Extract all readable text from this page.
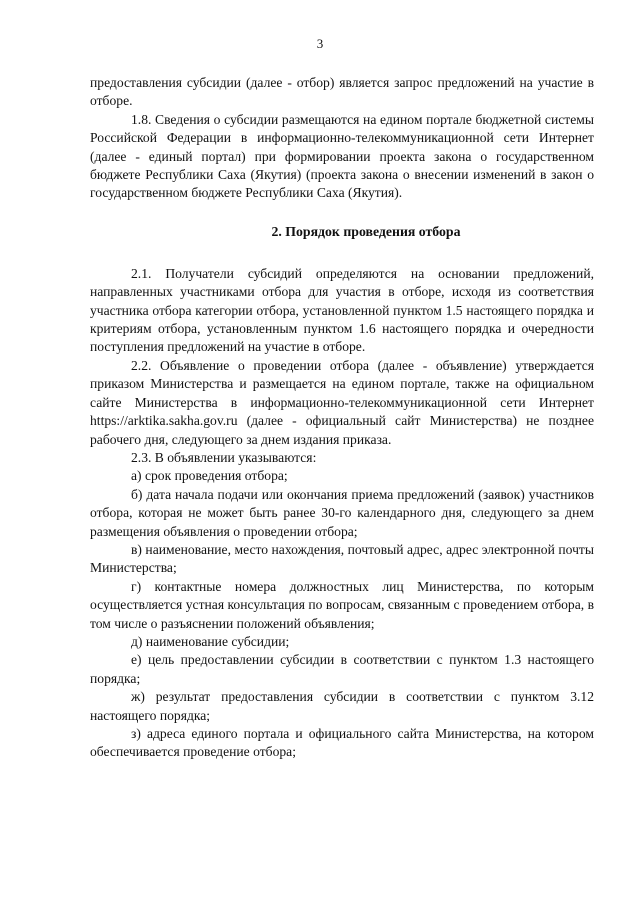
3

предоставления субсидии (далее - отбор) является запрос предложений на участие в отборе.

1.8. Сведения о субсидии размещаются на едином портале бюджетной системы Российской Федерации в информационно-телекоммуникационной сети Интернет (далее - единый портал) при формировании проекта закона о государственном бюджете Республики Саха (Якутия) (проекта закона о внесении изменений в закон о государственном бюджете Республики Саха (Якутия).

2. Порядок проведения отбора

2.1. Получатели субсидий определяются на основании предложений, направленных участниками отбора для участия в отборе, исходя из соответствия участника отбора категории отбора, установленной пунктом 1.5 настоящего порядка и критериям отбора, установленным пунктом 1.6 настоящего порядка и очередности поступления предложений на участие в отборе.

2.2. Объявление о проведении отбора (далее - объявление) утверждается приказом Министерства и размещается на едином портале, также на официальном сайте Министерства в информационно-телекоммуникационной сети Интернет https://arktika.sakha.gov.ru (далее - официальный сайт Министерства) не позднее рабочего дня, следующего за днем издания приказа.

2.3. В объявлении указываются:

а) срок проведения отбора;

б) дата начала подачи или окончания приема предложений (заявок) участников отбора, которая не может быть ранее 30-го календарного дня, следующего за днем размещения объявления о проведении отбора;

в) наименование, место нахождения, почтовый адрес, адрес электронной почты Министерства;

г) контактные номера должностных лиц Министерства, по которым осуществляется устная консультация по вопросам, связанным с проведением отбора, в том числе о разъяснении положений объявления;

д) наименование субсидии;

е) цель предоставлении субсидии в соответствии с пунктом 1.3 настоящего порядка;

ж) результат предоставления субсидии в соответствии с пунктом 3.12 настоящего порядка;

з) адреса единого портала и официального сайта Министерства, на котором обеспечивается проведение отбора;
